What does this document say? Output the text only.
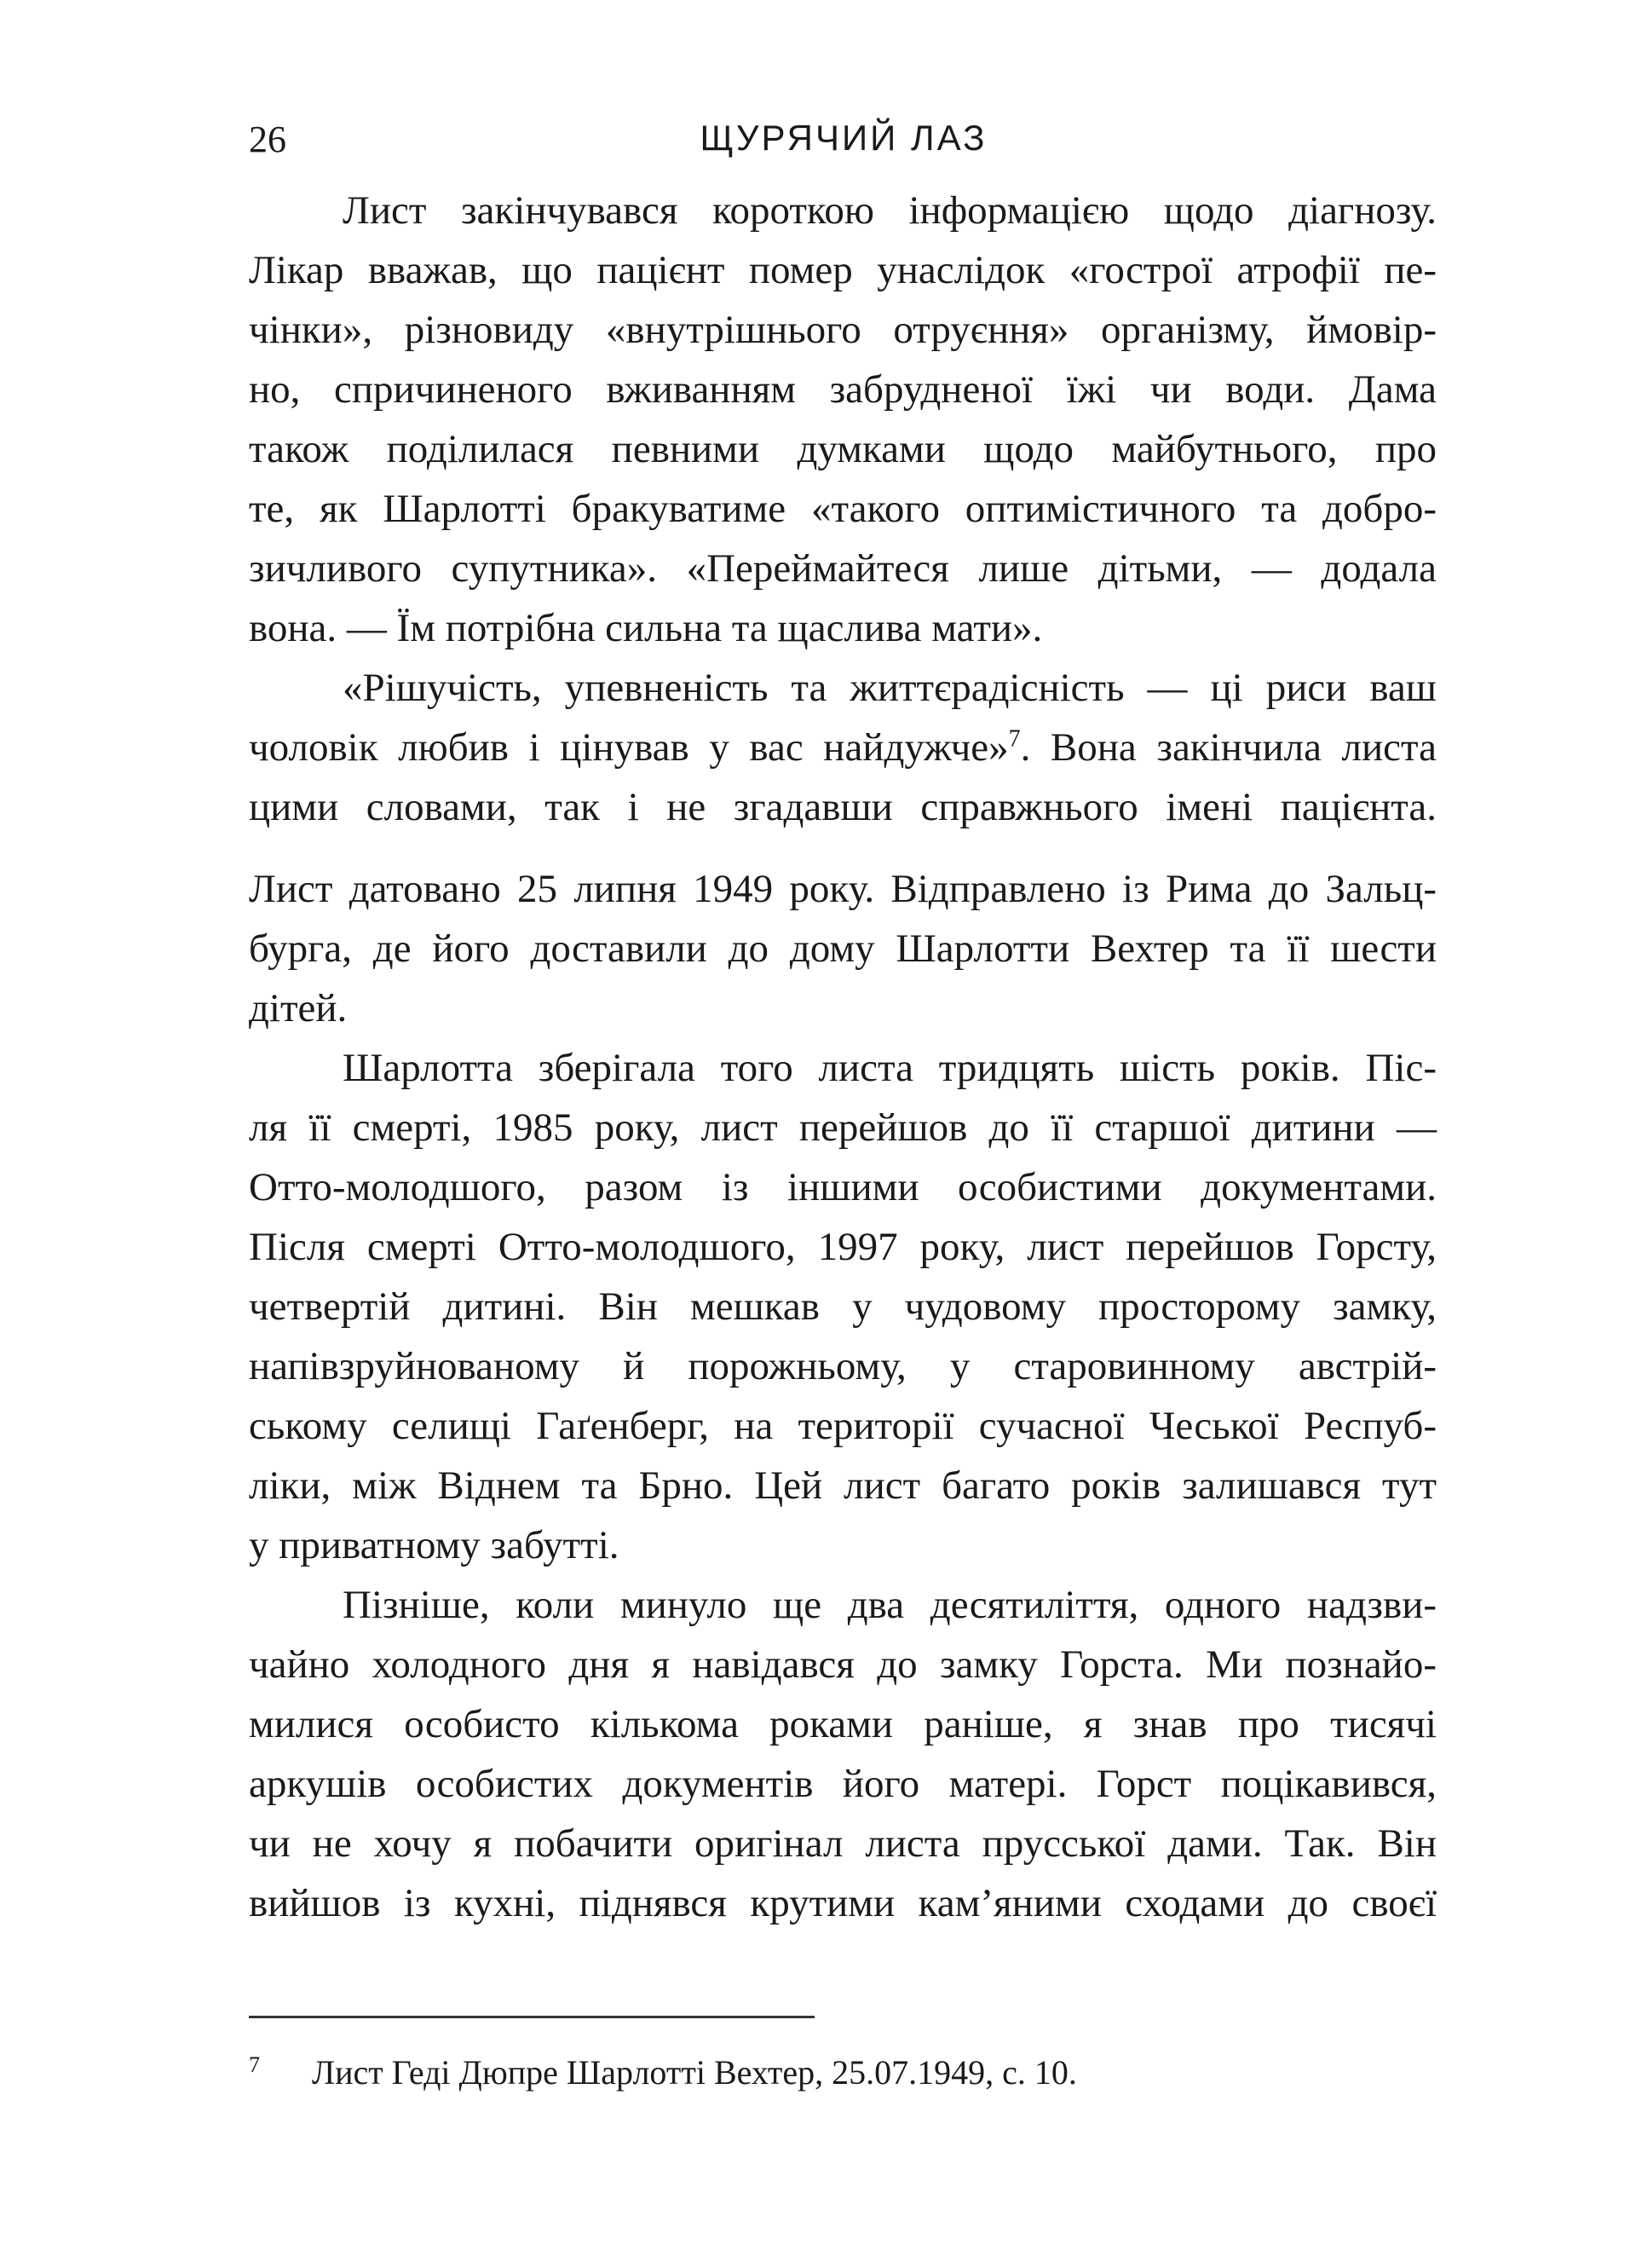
26	ЩУРЯЧИЙ ЛАЗ
Лист закінчувався короткою інформацією щодо діагнозу.
Лікар вважав, що пацієнт помер унаслідок «гострої атрофії пе-
чінки», різновиду «внутрішнього отруєння» організму, ймовір-
но, спричиненого вживанням забрудненої їжі чи води. Дама
також поділилася певними думками щодо майбутнього, про
те, як Шарлотті бракуватиме «такого оптимістичного та добро-
зичливого супутника». «Переймайтеся лише дітьми, — додала
вона. — Їм потрібна сильна та щаслива мати».
«Рішучість, упевненість та життєрадісність — ці риси ваш
чоловік любив і цінував у вас найдужче»$^7$. Вона закінчила листа
цими словами, так і не згадавши справжнього імені пацієнта.
Лист датовано 25 липня 1949 року. Відправлено із Рима до Зальц-
бурга, де його доставили до дому Шарлотти Вехтер та її шести
дітей.
Шарлотта зберігала того листа тридцять шість років. Піс-
ля її смерті, 1985 року, лист перейшов до її старшої дитини —
Отто-молодшого, разом із іншими особистими документами.
Після смерті Отто-молодшого, 1997 року, лист перейшов Горсту,
четвертій дитині. Він мешкав у чудовому просторому замку,
напівзруйнованому й порожньому, у старовинному австрій-
ському селищі Гаґенберг, на території сучасної Чеської Респуб-
ліки, між Віднем та Брно. Цей лист багато років залишався тут
у приватному забутті.
Пізніше, коли минуло ще два десятиліття, одного надзви-
чайно холодного дня я навідався до замку Горста. Ми познайо-
милися особисто кількома роками раніше, я знав про тисячі
аркушів особистих документів його матері. Горст поцікавився,
чи не хочу я побачити оригінал листа прусської дами. Так. Він
вийшов із кухні, піднявся крутими кам’яними сходами до своєї
7 Лист Геді Дюпре Шарлотті Вехтер, 25.07.1949, с. 10.
